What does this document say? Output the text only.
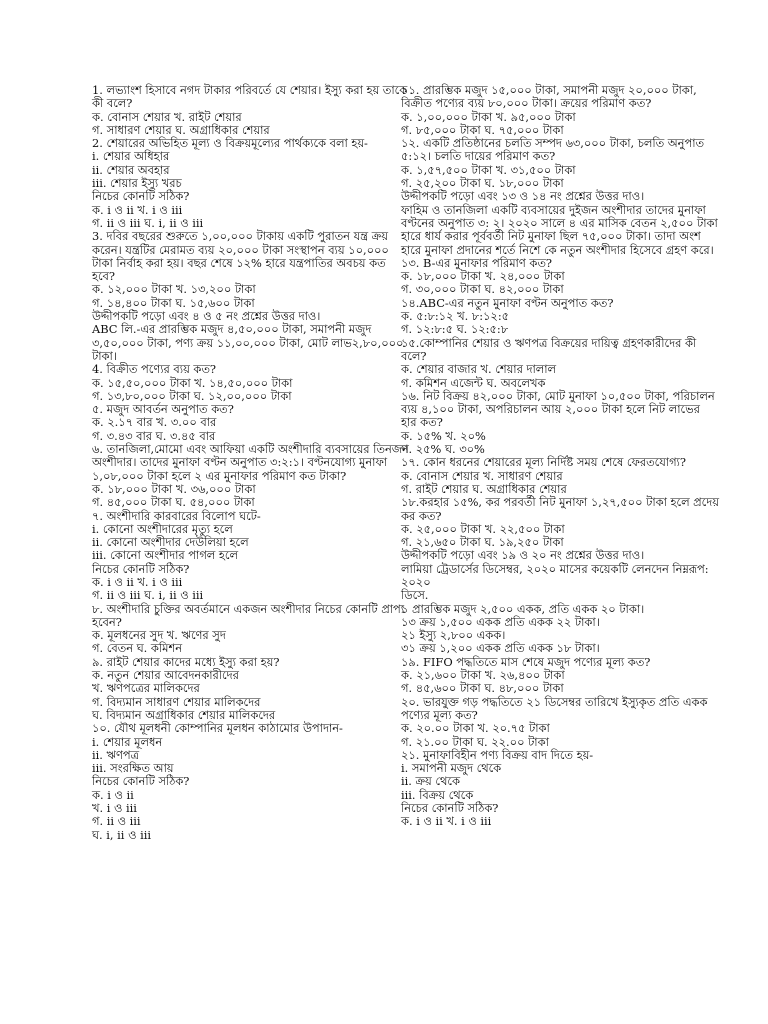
1. লভ্যাংশ হিসাবে নগদ টাকার পরিবর্তে যে শেয়ার। ইস্যু করা হয় তাকে কী বলে?
ক. বোনাস শেয়ার খ. রাইট শেয়ার
গ. সাধারণ শেয়ার ঘ. অগ্রাধিকার শেয়ার
2. শেয়ারের অভিহিত মূল্য ও বিক্রয়মূল্যের পার্থক্যকে বলা হয়-
i. শেয়ার অধিহার
ii. শেয়ার অবহার
iii. শেয়ার ইস্যু খরচ
নিচের কোনটি সঠিক?
ক. i ও ii খ. i ও iii
গ. ii ও iii ঘ. i, ii ও iii
3. দবির বছরের শুরুতে ১,০০,০০০ টাকায় একটি পুরাতন যন্ত্র ক্রয় করেন। যন্ত্রটির মেরামত ব্যয় ২০,০০০ টাকা সংস্থাপন ব্যয় ১০,০০০ টাকা নির্বাহ করা হয়। বছর শেষে ১২% হারে যন্ত্রপাতির অবচয় কত হবে?
ক. ১২,০০০ টাকা খ. ১৩,২০০ টাকা
গ. ১৪,৪০০ টাকা ঘ. ১৫,৬০০ টাকা
উদ্দীপকটি পড়ো এবং ৪ ও ৫ নং প্রশ্নের উত্তর দাও।
ABC লি.-এর প্রারম্ভিক মজুদ ৪,৫০,০০০ টাকা, সমাপনী মজুদ ৩,৫০,০০০ টাকা, পণ্য ক্রয় ১১,০০,০০০ টাকা, মোট লাভ২,৮০,০০০ টাকা।
4. বিক্রীত পণ্যের ব্যয় কত?
ক. ১৫,৫০,০০০ টাকা খ. ১৪,৫০,০০০ টাকা
গ. ১৩,৮০,০০০ টাকা ঘ. ১২,০০,০০০ টাকা
৫. মজুদ আবর্তন অনুপাত কত?
ক. ২.১৭ বার খ. ৩.০০ বার
গ. ৩.৪৩ বার ঘ. ৩.৪৫ বার
৬. তানজিলা,মোমো এবং আফিয়া একটি অংশীদারি ব্যবসায়ের তিনজন অংশীদার। তাদের মুনাফা বণ্টন অনুপাত ৩:২:১। বণ্টনযোগ্য মুনাফা ১,০৮,০০০ টাকা হলে ২ এর মুনাফার পরিমাণ কত টাকা?
ক. ১৮,০০০ টাকা খ. ৩৬,০০০ টাকা
গ. ৪৫,০০০ টাকা ঘ. ৫৪,০০০ টাকা
৭. অংশীদারি কারবারের বিলোপ ঘটে-
i. কোনো অংশীদারের মৃত্যু হলে
ii. কোনো অংশীদার দেউলিয়া হলে
iii. কোনো অংশীদার পাগল হলে
নিচের কোনটি সঠিক?
ক. i ও ii খ. i ও iii
গ. ii ও iii ঘ. i, ii ও iii
৮. অংশীদারি চুক্তির অবর্তমানে একজন অংশীদার নিচের কোনটি প্রাপ্য হবেন?
ক. মূলধনের সুদ খ. ঋণের সুদ
গ. বেতন ঘ. কমিশন
৯. রাইট শেয়ার কাদের মধ্যে ইস্যু করা হয়?
ক. নতুন শেয়ার আবেদনকারীদের
খ. ঋণপত্রের মালিকদের
গ. বিদ্যমান সাধারণ শেয়ার মালিকদের
ঘ. বিদ্যমান অগ্রাধিকার শেয়ার মালিকদের
১০. যৌথ মূলধনী কোম্পানির মূলধন কাঠামোর উপাদান-
i. শেয়ার মূলধন
ii. ঋণপত্র
iii. সংরক্ষিত আয়
নিচের কোনটি সঠিক?
ক. i ও ii
খ. i ও iii
গ. ii ও iii
ঘ. i, ii ও iii
১১. প্রারম্ভিক মজুদ ১৫,০০০ টাকা, সমাপনী মজুদ ২০,০০০ টাকা, বিক্রীত পণ্যের ব্যয় ৮০,০০০ টাকা। ক্রয়ের পরিমাণ কত?
ক. ১,০০,০০০ টাকা খ. ৯৫,০০০ টাকা
গ. ৮৫,০০০ টাকা ঘ. ৭৫,০০০ টাকা
১২. একটি প্রতিষ্ঠানের চলতি সম্পদ ৬৩,০০০ টাকা, চলতি অনুপাত ৫:১২। চলতি দায়ের পরিমাণ কত?
ক. ১,৫৭,৫০০ টাকা খ. ৩১,৫০০ টাকা
গ. ২৫,২০০ টাকা ঘ. ১৮,০০০ টাকা
উদ্দীপকটি পড়ো এবং ১৩ ও ১৪ নং প্রশ্নের উত্তর দাও।
ফাহিম ও তানজিলা একটি ব্যবসায়ের দুইজন অংশীদার তাদের মুনাফা বণ্টনের অনুপাত ৩: ২। ২০২০ সালে ৪ এর মাসিক বেতন ২,৫০০ টাকা হারে ধার্য করার পূর্ববর্তী নিট মুনাফা ছিল ৭৫,০০০ টাকা। তাদা অংশ হারে মুনাফা প্রদানের শর্তে নিশে কে নতুন অংশীদার হিসেবে গ্রহণ করে।
১৩. B-এর মুনাফার পরিমাণ কত?
ক. ১৮,০০০ টাকা খ. ২৪,০০০ টাকা
গ. ৩০,০০০ টাকা ঘ. ৪২,০০০ টাকা
১৪.ABC-এর নতুন মুনাফা বণ্টন অনুপাত কত?
ক. ৫:৮:১২ খ. ৮:১২:৫
গ. ১২:৮:৫ ঘ. ১২:৫:৮
১৫.কোম্পানির শেয়ার ও ঋণপত্র বিক্রয়ের দায়িত্ব গ্রহণকারীদের কী বলে?
ক. শেয়ার বাজার খ. শেয়ার দালাল
গ. কমিশন এজেন্ট ঘ. অবলেখক
১৬. নিট বিক্রয় ৪২,০০০ টাকা, মোট মুনাফা ১০,৫০০ টাকা, পরিচালন ব্যয় ৪,১০০ টাকা, অপরিচালন আয় ২,০০০ টাকা হলে নিট লাভের হার কত?
ক. ১৫% খ. ২০%
গ. ২৫% ঘ. ৩০%
১৭. কোন ধরনের শেয়ারের মূল্য নির্দিষ্ট সময় শেষে ফেরতযোগ্য?
ক. বোনাস শেয়ার খ. সাধারণ শেয়ার
গ. রাইট শেয়ার ঘ. অগ্রাধিকার শেয়ার
১৮.করহার ১৫%, কর পরবর্তী নিট মুনাফা ১,২৭,৫০০ টাকা হলে প্রদেয় কর কত?
ক. ২৫,০০০ টাকা খ. ২২,৫০০ টাকা
গ. ২১,৬৫০ টাকা ঘ. ১৯,২৫০ টাকা
উদ্দীপকটি পড়ো এবং ১৯ ও ২০ নং প্রশ্নের উত্তর দাও।
লামিয়া ট্রেডার্সের ডিসেম্বর, ২০২০ মাসের কয়েকটি লেনদেন নিম্নরূপ:
২০২০
ডিসে.
১ প্রারম্ভিক মজুদ ২,৫০০ একক, প্রতি একক ২০ টাকা।
১৩ ক্রয় ১,৫০০ একক প্রতি একক ২২ টাকা।
২১ ইস্যু ২,৮০০ একক।
৩১ ক্রয় ১,২০০ একক প্রতি একক ১৮ টাকা।
১৯. FIFO পদ্ধতিতে মাস শেষে মজুদ পণ্যের মূল্য কত?
ক. ২১,৬০০ টাকা খ. ২৬,৪০০ টাকা
গ. ৪৫,৬০০ টাকা ঘ. ৪৮,০০০ টাকা
২০. ভারযুক্ত গড় পদ্ধতিতে ২১ ডিসেম্বর তারিখে ইস্যুকৃত প্রতি একক পণ্যের মূল্য কত?
ক. ২০.০০ টাকা খ. ২০.৭৫ টাকা
গ. ২১.০০ টাকা ঘ. ২২.০০ টাকা
২১. মুনাফাবিহীন পণ্য বিক্রয় বাদ দিতে হয়-
i. সমাপনী মজুদ থেকে
ii. ক্রয় থেকে
iii. বিক্রয় থেকে
নিচের কোনটি সঠিক?
ক. i ও ii খ. i ও iii
